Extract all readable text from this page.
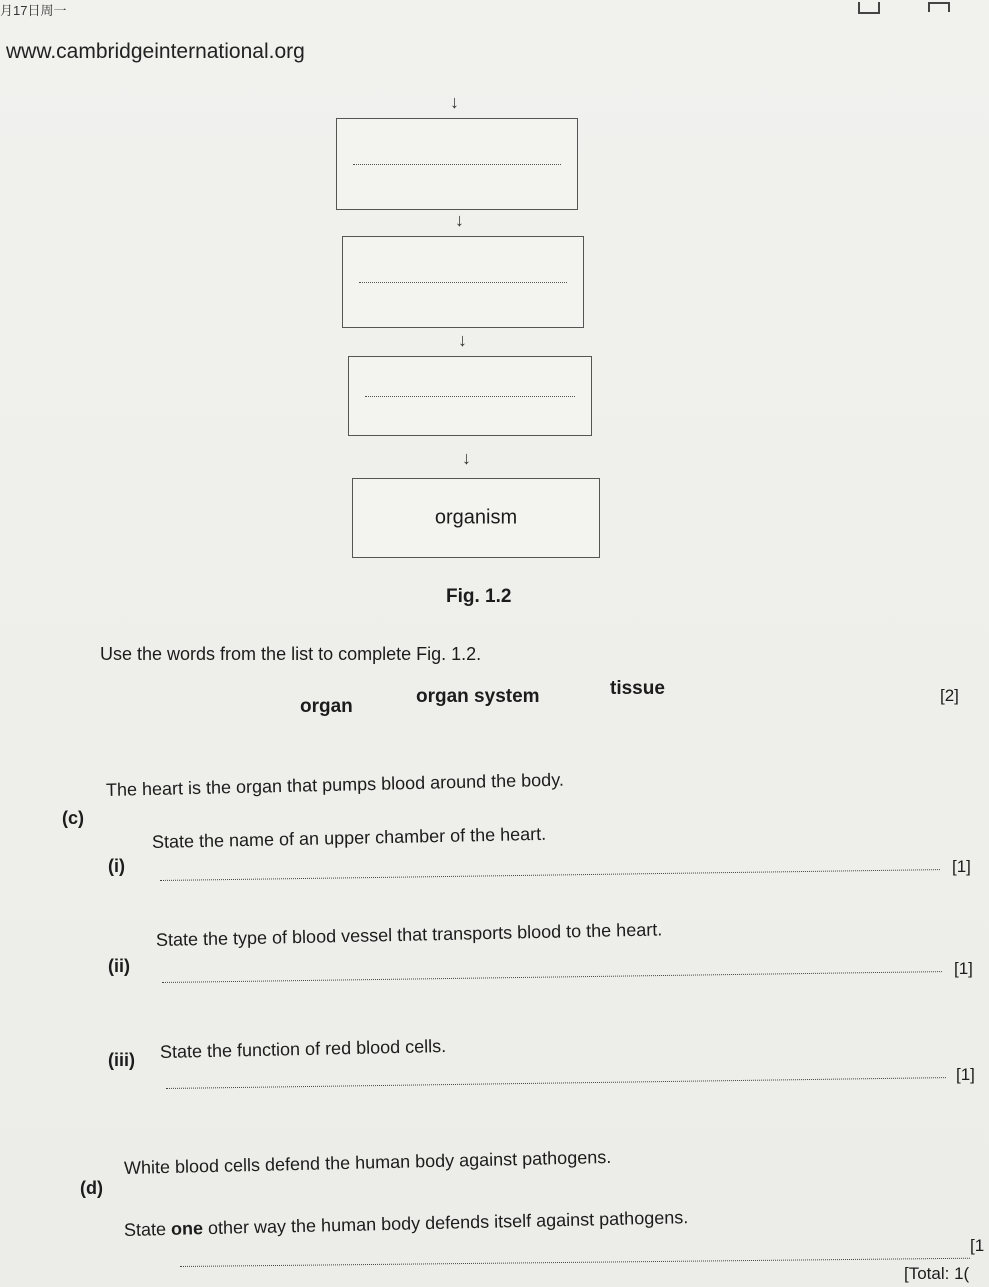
月17日周一
www.cambridgeinternational.org
↓
↓
↓
↓
organism
Fig. 1.2
Use the words from the list to complete Fig. 1.2.
organ	organ system	tissue	[2]
(c)
The heart is the organ that pumps blood around the body.
(i)
State the name of an upper chamber of the heart.
[1]
(ii)
State the type of blood vessel that transports blood to the heart.
[1]
(iii) State the function of red blood cells.
[1]
(d)
White blood cells defend the human body against pathogens.
State one other way the human body defends itself against pathogens.
[1
[Total: 1(
